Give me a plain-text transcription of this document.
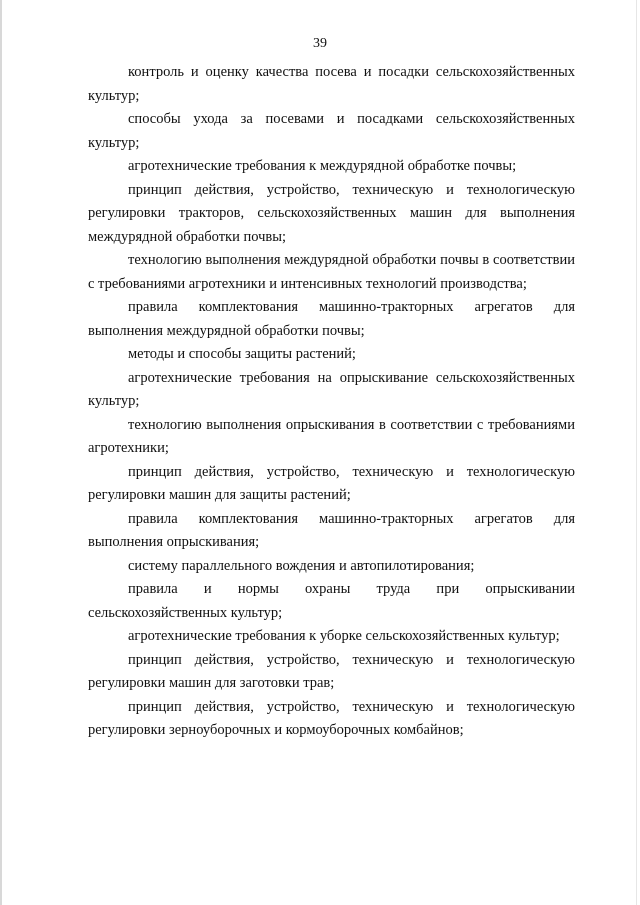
39

контроль и оценку качества посева и посадки сельскохозяйственных культур;

способы ухода за посевами и посадками сельскохозяйственных культур;

агротехнические требования к междурядной обработке почвы;

принцип действия, устройство, техническую и технологическую регулировки тракторов, сельскохозяйственных машин для выполнения междурядной обработки почвы;

технологию выполнения междурядной обработки почвы в соответствии с требованиями агротехники и интенсивных технологий производства;

правила комплектования машинно-тракторных агрегатов для выполнения междурядной обработки почвы;

методы и способы защиты растений;

агротехнические требования на опрыскивание сельскохозяйственных культур;

технологию выполнения опрыскивания в соответствии с требованиями агротехники;

принцип действия, устройство, техническую и технологическую регулировки машин для защиты растений;

правила комплектования машинно-тракторных агрегатов для выполнения опрыскивания;

систему параллельного вождения и автопилотирования;

правила и нормы охраны труда при опрыскивании сельскохозяйственных культур;

агротехнические требования к уборке сельскохозяйственных культур;

принцип действия, устройство, техническую и технологическую регулировки машин для заготовки трав;

принцип действия, устройство, техническую и технологическую регулировки зерноуборочных и кормоуборочных комбайнов;
